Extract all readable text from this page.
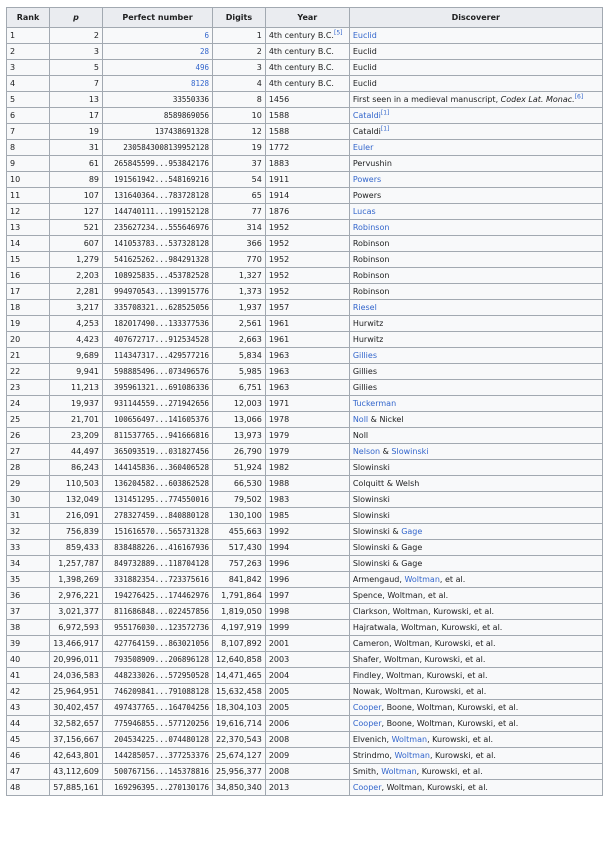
Rank	p	Perfect number	Digits	Year	Discoverer
1	2	6	1	4th century B.C.[5]	Euclid
2	3	28	2	4th century B.C.	Euclid
3	5	496	3	4th century B.C.	Euclid
4	7	8128	4	4th century B.C.	Euclid
5	13	33550336	8	1456	First seen in a medieval manuscript, Codex Lat. Monac.[6]
6	17	8589869056	10	1588	Cataldi[1]
7	19	137438691328	12	1588	Cataldi[1]
8	31	2305843008139952128	19	1772	Euler
9	61	265845599...953842176	37	1883	Pervushin
10	89	191561942...548169216	54	1911	Powers
11	107	131640364...783728128	65	1914	Powers
12	127	144740111...199152128	77	1876	Lucas
13	521	235627234...555646976	314	1952	Robinson
14	607	141053783...537328128	366	1952	Robinson
15	1,279	541625262...984291328	770	1952	Robinson
16	2,203	108925835...453782528	1,327	1952	Robinson
17	2,281	994970543...139915776	1,373	1952	Robinson
18	3,217	335708321...628525056	1,937	1957	Riesel
19	4,253	182017490...133377536	2,561	1961	Hurwitz
20	4,423	407672717...912534528	2,663	1961	Hurwitz
21	9,689	114347317...429577216	5,834	1963	Gillies
22	9,941	598885496...073496576	5,985	1963	Gillies
23	11,213	395961321...691086336	6,751	1963	Gillies
24	19,937	931144559...271942656	12,003	1971	Tuckerman
25	21,701	100656497...141605376	13,066	1978	Noll & Nickel
26	23,209	811537765...941666816	13,973	1979	Noll
27	44,497	365093519...031827456	26,790	1979	Nelson & Slowinski
28	86,243	144145836...360406528	51,924	1982	Slowinski
29	110,503	136204582...603862528	66,530	1988	Colquitt & Welsh
30	132,049	131451295...774550016	79,502	1983	Slowinski
31	216,091	278327459...840880128	130,100	1985	Slowinski
32	756,839	151616570...565731328	455,663	1992	Slowinski & Gage
33	859,433	838488226...416167936	517,430	1994	Slowinski & Gage
34	1,257,787	849732889...118704128	757,263	1996	Slowinski & Gage
35	1,398,269	331882354...723375616	841,842	1996	Armengaud, Woltman, et al.
36	2,976,221	194276425...174462976	1,791,864	1997	Spence, Woltman, et al.
37	3,021,377	811686848...022457856	1,819,050	1998	Clarkson, Woltman, Kurowski, et al.
38	6,972,593	955176030...123572736	4,197,919	1999	Hajratwala, Woltman, Kurowski, et al.
39	13,466,917	427764159...863021056	8,107,892	2001	Cameron, Woltman, Kurowski, et al.
40	20,996,011	793508909...206896128	12,640,858	2003	Shafer, Woltman, Kurowski, et al.
41	24,036,583	448233026...572950528	14,471,465	2004	Findley, Woltman, Kurowski, et al.
42	25,964,951	746209841...791088128	15,632,458	2005	Nowak, Woltman, Kurowski, et al.
43	30,402,457	497437765...164704256	18,304,103	2005	Cooper, Boone, Woltman, Kurowski, et al.
44	32,582,657	775946855...577120256	19,616,714	2006	Cooper, Boone, Woltman, Kurowski, et al.
45	37,156,667	204534225...074480128	22,370,543	2008	Elvenich, Woltman, Kurowski, et al.
46	42,643,801	144285057...377253376	25,674,127	2009	Strindmo, Woltman, Kurowski, et al.
47	43,112,609	500767156...145378816	25,956,377	2008	Smith, Woltman, Kurowski, et al.
48	57,885,161	169296395...270130176	34,850,340	2013	Cooper, Woltman, Kurowski, et al.
